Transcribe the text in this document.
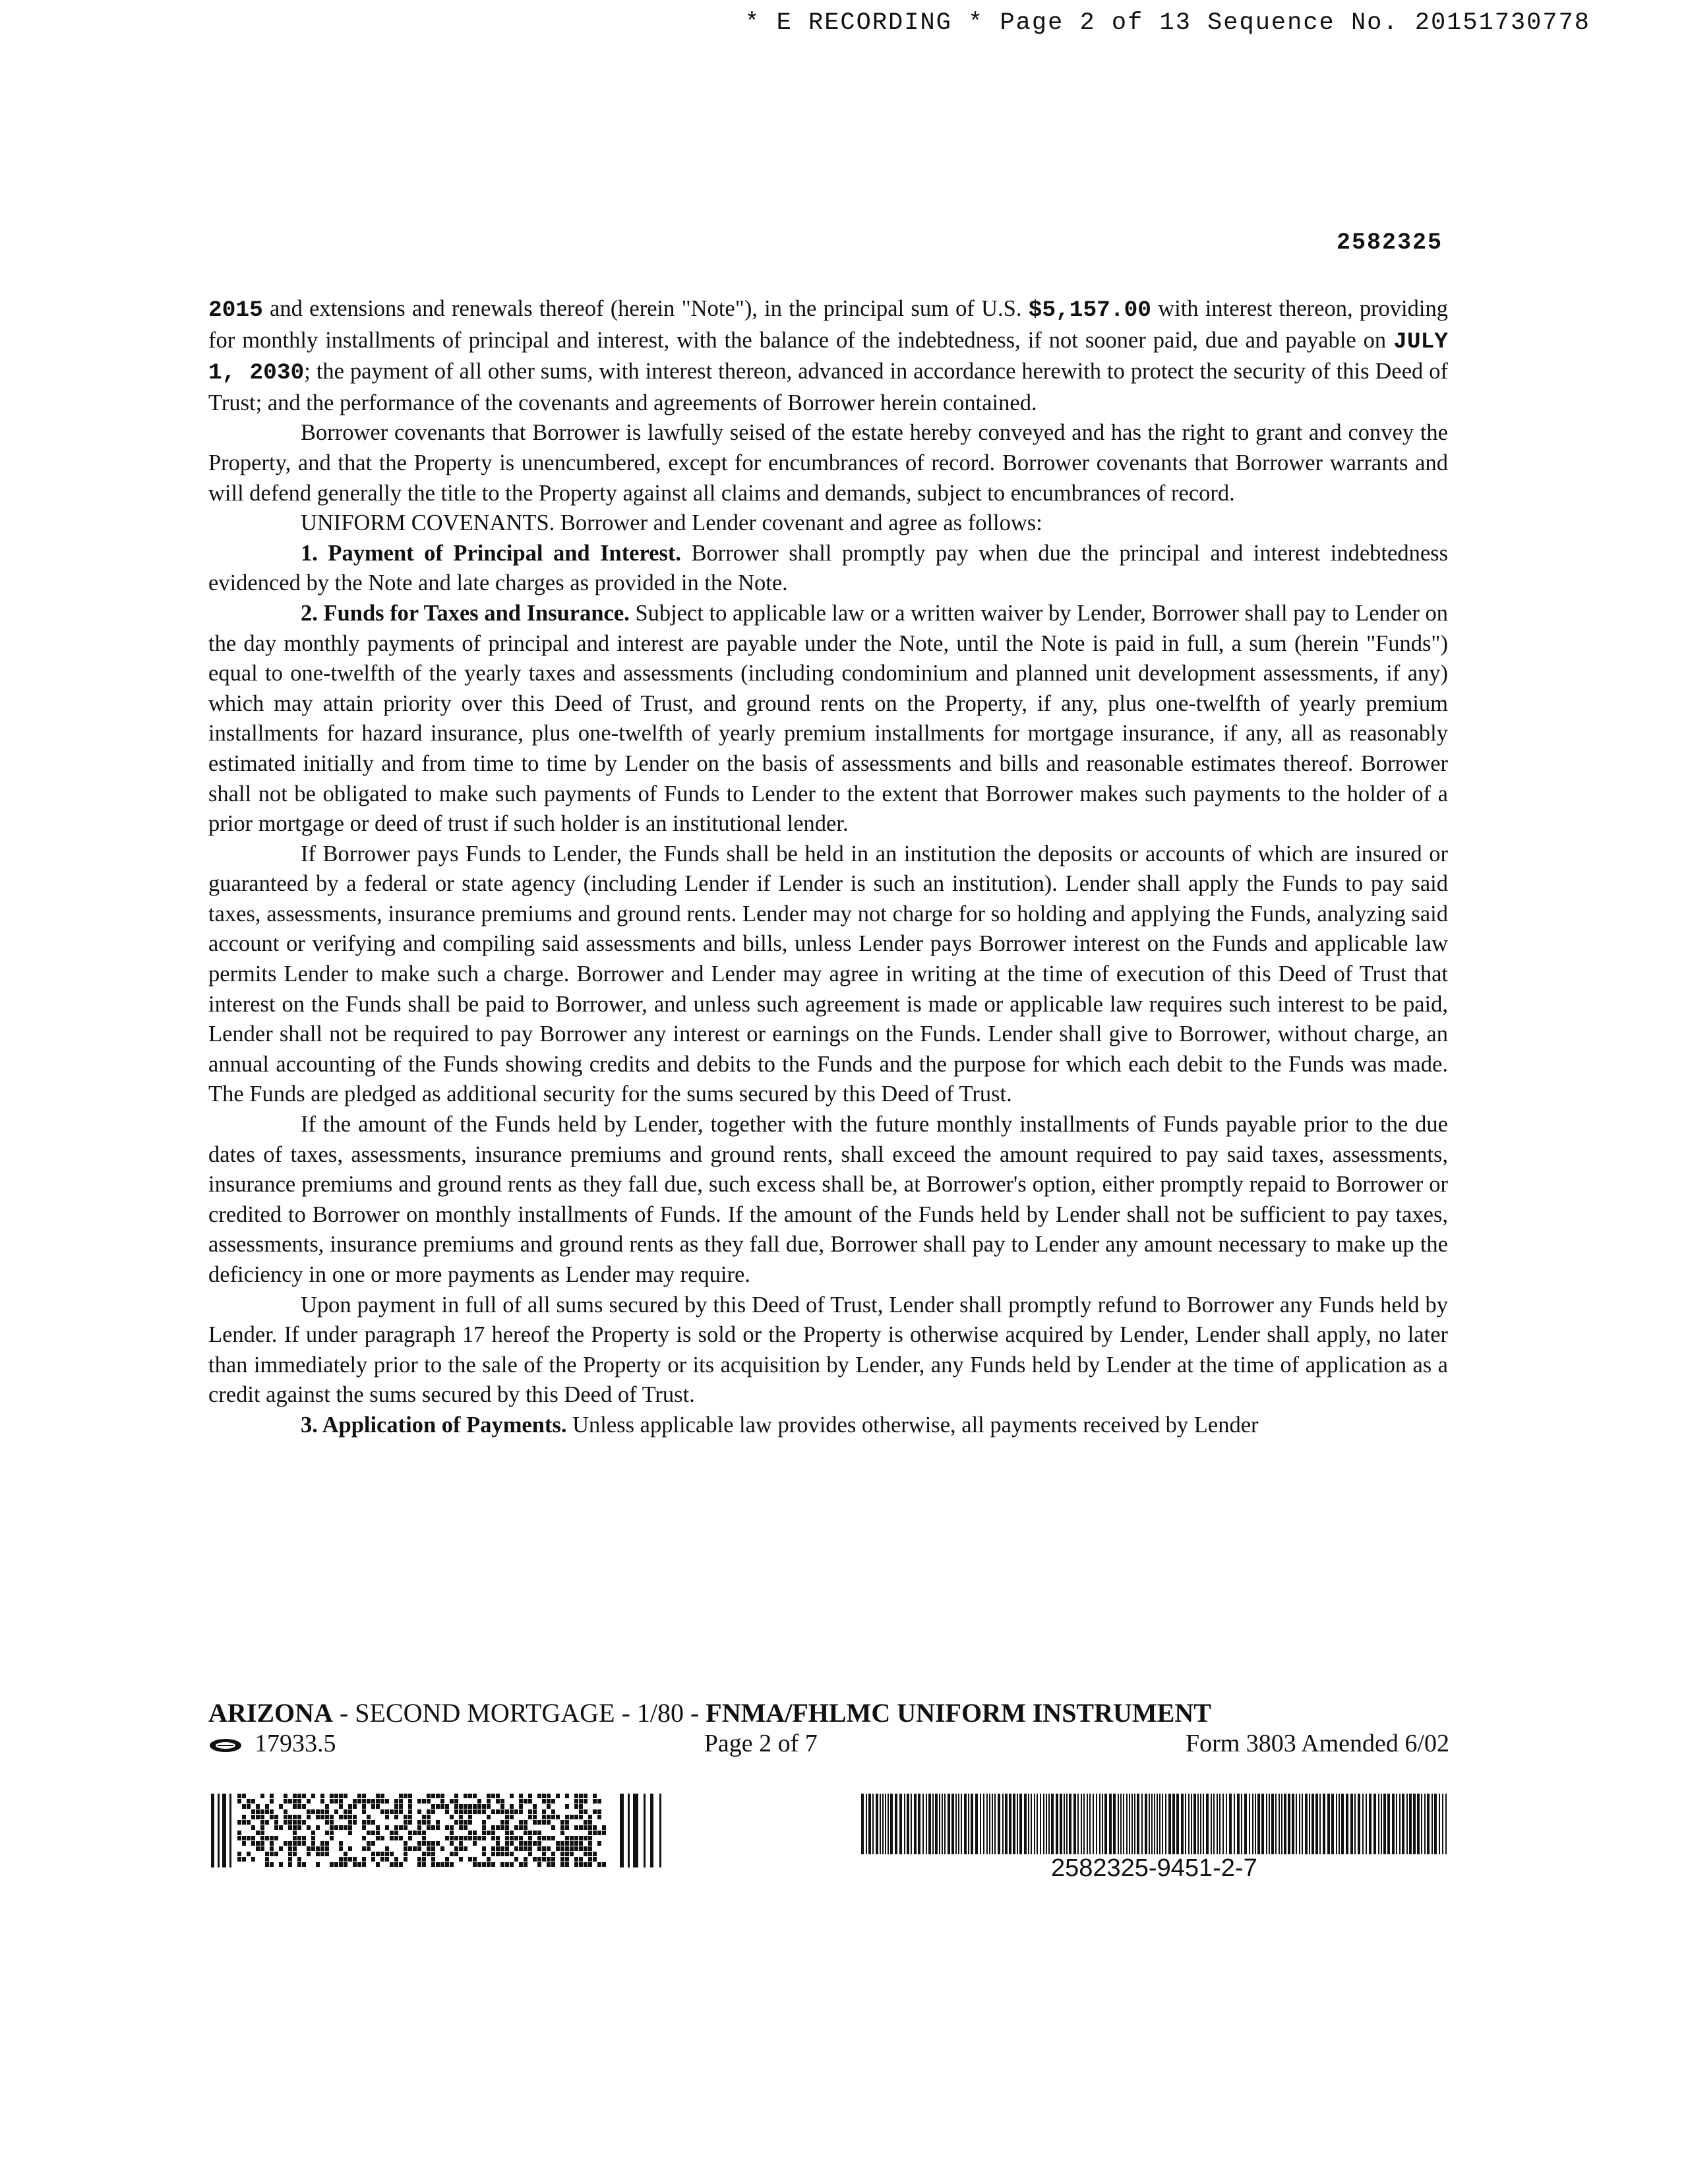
* E RECORDING * Page 2 of 13 Sequence No. 20151730778
2582325

2015 and extensions and renewals thereof (herein "Note"), in the principal sum of U.S. $5,157.00 with interest thereon, providing for monthly installments of principal and interest, with the balance of the indebtedness, if not sooner paid, due and payable on JULY 1, 2030; the payment of all other sums, with interest thereon, advanced in accordance herewith to protect the security of this Deed of Trust; and the performance of the covenants and agreements of Borrower herein contained.

Borrower covenants that Borrower is lawfully seised of the estate hereby conveyed and has the right to grant and convey the Property, and that the Property is unencumbered, except for encumbrances of record. Borrower covenants that Borrower warrants and will defend generally the title to the Property against all claims and demands, subject to encumbrances of record.

UNIFORM COVENANTS. Borrower and Lender covenant and agree as follows:

1. Payment of Principal and Interest. Borrower shall promptly pay when due the principal and interest indebtedness evidenced by the Note and late charges as provided in the Note.

2. Funds for Taxes and Insurance. Subject to applicable law or a written waiver by Lender, Borrower shall pay to Lender on the day monthly payments of principal and interest are payable under the Note, until the Note is paid in full, a sum (herein "Funds") equal to one-twelfth of the yearly taxes and assessments (including condominium and planned unit development assessments, if any) which may attain priority over this Deed of Trust, and ground rents on the Property, if any, plus one-twelfth of yearly premium installments for hazard insurance, plus one-twelfth of yearly premium installments for mortgage insurance, if any, all as reasonably estimated initially and from time to time by Lender on the basis of assessments and bills and reasonable estimates thereof. Borrower shall not be obligated to make such payments of Funds to Lender to the extent that Borrower makes such payments to the holder of a prior mortgage or deed of trust if such holder is an institutional lender.

If Borrower pays Funds to Lender, the Funds shall be held in an institution the deposits or accounts of which are insured or guaranteed by a federal or state agency (including Lender if Lender is such an institution). Lender shall apply the Funds to pay said taxes, assessments, insurance premiums and ground rents. Lender may not charge for so holding and applying the Funds, analyzing said account or verifying and compiling said assessments and bills, unless Lender pays Borrower interest on the Funds and applicable law permits Lender to make such a charge. Borrower and Lender may agree in writing at the time of execution of this Deed of Trust that interest on the Funds shall be paid to Borrower, and unless such agreement is made or applicable law requires such interest to be paid, Lender shall not be required to pay Borrower any interest or earnings on the Funds. Lender shall give to Borrower, without charge, an annual accounting of the Funds showing credits and debits to the Funds and the purpose for which each debit to the Funds was made. The Funds are pledged as additional security for the sums secured by this Deed of Trust.

If the amount of the Funds held by Lender, together with the future monthly installments of Funds payable prior to the due dates of taxes, assessments, insurance premiums and ground rents, shall exceed the amount required to pay said taxes, assessments, insurance premiums and ground rents as they fall due, such excess shall be, at Borrower's option, either promptly repaid to Borrower or credited to Borrower on monthly installments of Funds. If the amount of the Funds held by Lender shall not be sufficient to pay taxes, assessments, insurance premiums and ground rents as they fall due, Borrower shall pay to Lender any amount necessary to make up the deficiency in one or more payments as Lender may require.

Upon payment in full of all sums secured by this Deed of Trust, Lender shall promptly refund to Borrower any Funds held by Lender. If under paragraph 17 hereof the Property is sold or the Property is otherwise acquired by Lender, Lender shall apply, no later than immediately prior to the sale of the Property or its acquisition by Lender, any Funds held by Lender at the time of application as a credit against the sums secured by this Deed of Trust.

3. Application of Payments. Unless applicable law provides otherwise, all payments received by Lender

ARIZONA - SECOND MORTGAGE - 1/80 - FNMA/FHLMC UNIFORM INSTRUMENT
17933.5	Page 2 of 7	Form 3803 Amended 6/02
2582325-9451-2-7
